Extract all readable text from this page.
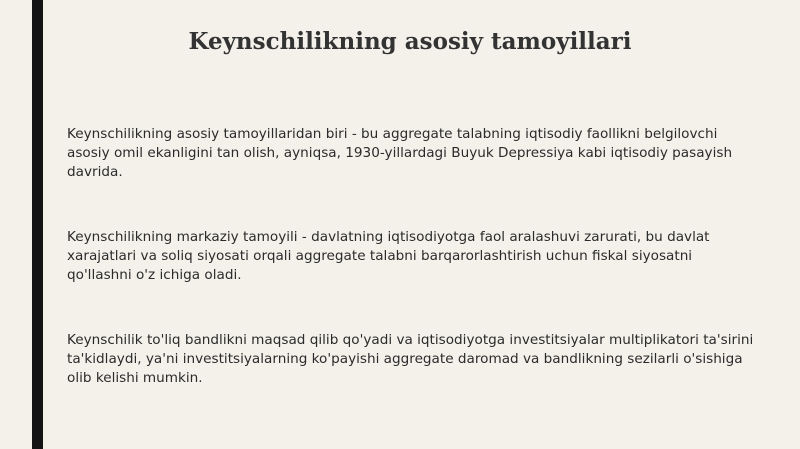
Keynschilikning asosiy tamoyillari
Keynschilikning asosiy tamoyillaridan biri - bu aggregate talabning iqtisodiy faollikni belgilovchi asosiy omil ekanligini tan olish, ayniqsa, 1930-yillardagi Buyuk Depressiya kabi iqtisodiy pasayish davrida.
Keynschilikning markaziy tamoyili - davlatning iqtisodiyotga faol aralashuvi zarurati, bu davlat xarajatlari va soliq siyosati orqali aggregate talabni barqarorlashtirish uchun fiskal siyosatni qo'llashni o'z ichiga oladi.
Keynschilik to'liq bandlikni maqsad qilib qo'yadi va iqtisodiyotga investitsiyalar multiplikatori ta'sirini ta'kidlaydi, ya'ni investitsiyalarning ko'payishi aggregate daromad va bandlikning sezilarli o'sishiga olib kelishi mumkin.
